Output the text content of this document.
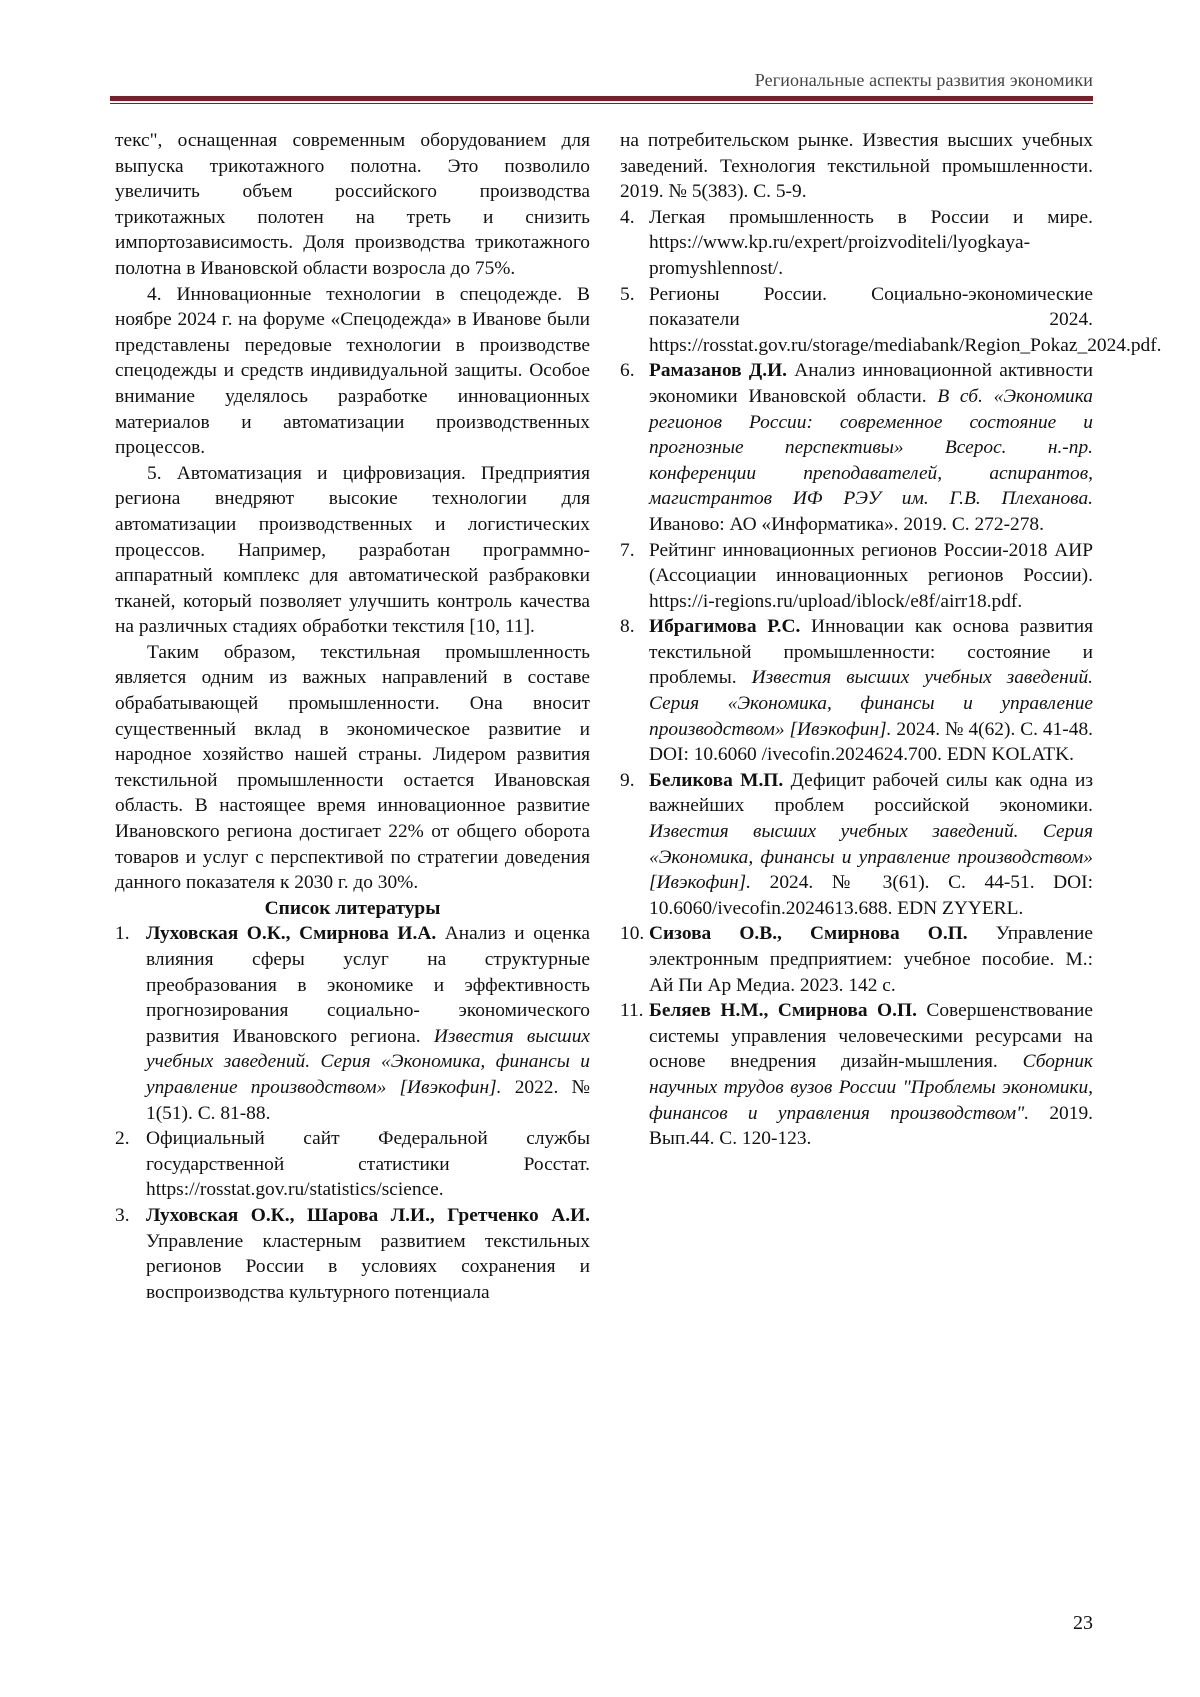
Региональные аспекты развития экономики

текс", оснащенная современным оборудованием для выпуска трикотажного полотна. Это позволило увеличить объем российского производства трикотажных полотен на треть и снизить импортозависимость. Доля производства трикотажного полотна в Ивановской области возросла до 75%.

4. Инновационные технологии в спецодежде. В ноябре 2024 г. на форуме «Спецодежда» в Иванове были представлены передовые технологии в производстве спецодежды и средств индивидуальной защиты. Особое внимание уделялось разработке инновационных материалов и автоматизации производственных процессов.

5. Автоматизация и цифровизация. Предприятия региона внедряют высокие технологии для автоматизации производственных и логистических процессов. Например, разработан программно-аппаратный комплекс для автоматической разбраковки тканей, который позволяет улучшить контроль качества на различных стадиях обработки текстиля [10, 11].

Таким образом, текстильная промышленность является одним из важных направлений в составе обрабатывающей промышленности. Она вносит существенный вклад в экономическое развитие и народное хозяйство нашей страны. Лидером развития текстильной промышленности остается Ивановская область. В настоящее время инновационное развитие Ивановского региона достигает 22% от общего оборота товаров и услуг с перспективой по стратегии доведения данного показателя к 2030 г. до 30%.

Список литературы
1. Луховская О.К., Смирнова И.А. Анализ и оценка влияния сферы услуг на структурные преобразования в экономике и эффективность прогнозирования социально- экономического развития Ивановского региона. Известия высших учебных заведений. Серия «Экономика, финансы и управление производством» [Ивэкофин]. 2022. № 1(51). С. 81-88.
2. Официальный сайт Федеральной службы государственной статистики Росстат. https://rosstat.gov.ru/statistics/science.
3. Луховская О.К., Шарова Л.И., Гретченко А.И. Управление кластерным развитием текстильных регионов России в условиях сохранения и воспроизводства культурного потенциала

на потребительском рынке. Известия высших учебных заведений. Технология текстильной промышленности. 2019. № 5(383). С. 5-9.

4. Легкая промышленность в России и мире. https://www.kp.ru/expert/proizvoditeli/lyogkaya-promyshlennost/.
5. Регионы России. Социально-экономические показатели 2024. https://rosstat.gov.ru/storage/mediabank/Region_Pokaz_2024.pdf.
6. Рамазанов Д.И. Анализ инновационной активности экономики Ивановской области. В сб. «Экономика регионов России: современное состояние и прогнозные перспективы» Всерос. н.-пр. конференции преподавателей, аспирантов, магистрантов ИФ РЭУ им. Г.В. Плеханова. Иваново: АО «Информатика». 2019. С. 272-278.
7. Рейтинг инновационных регионов России-2018 АИР (Ассоциации инновационных регионов России). https://i-regions.ru/upload/iblock/e8f/airr18.pdf.
8. Ибрагимова Р.С. Инновации как основа развития текстильной промышленности: состояние и проблемы. Известия высших учебных заведений. Серия «Экономика, финансы и управление производством» [Ивэкофин]. 2024. № 4(62). С. 41-48. DOI: 10.6060 /ivecofin.2024624.700. EDN KOLATK.
9. Беликова М.П. Дефицит рабочей силы как одна из важнейших проблем российской экономики. Известия высших учебных заведений. Серия «Экономика, финансы и управление производством» [Ивэкофин]. 2024. № 3(61). С. 44-51. DOI: 10.6060/ivecofin.2024613.688. EDN ZYYERL.
10. Сизова О.В., Смирнова О.П. Управление электронным предприятием: учебное пособие. М.: Ай Пи Ар Медиа. 2023. 142 с.
11. Беляев Н.М., Смирнова О.П. Совершенствование системы управления человеческими ресурсами на основе внедрения дизайн-мышления. Сборник научных трудов вузов России "Проблемы экономики, финансов и управления производством". 2019. Вып.44. С. 120-123.
23
